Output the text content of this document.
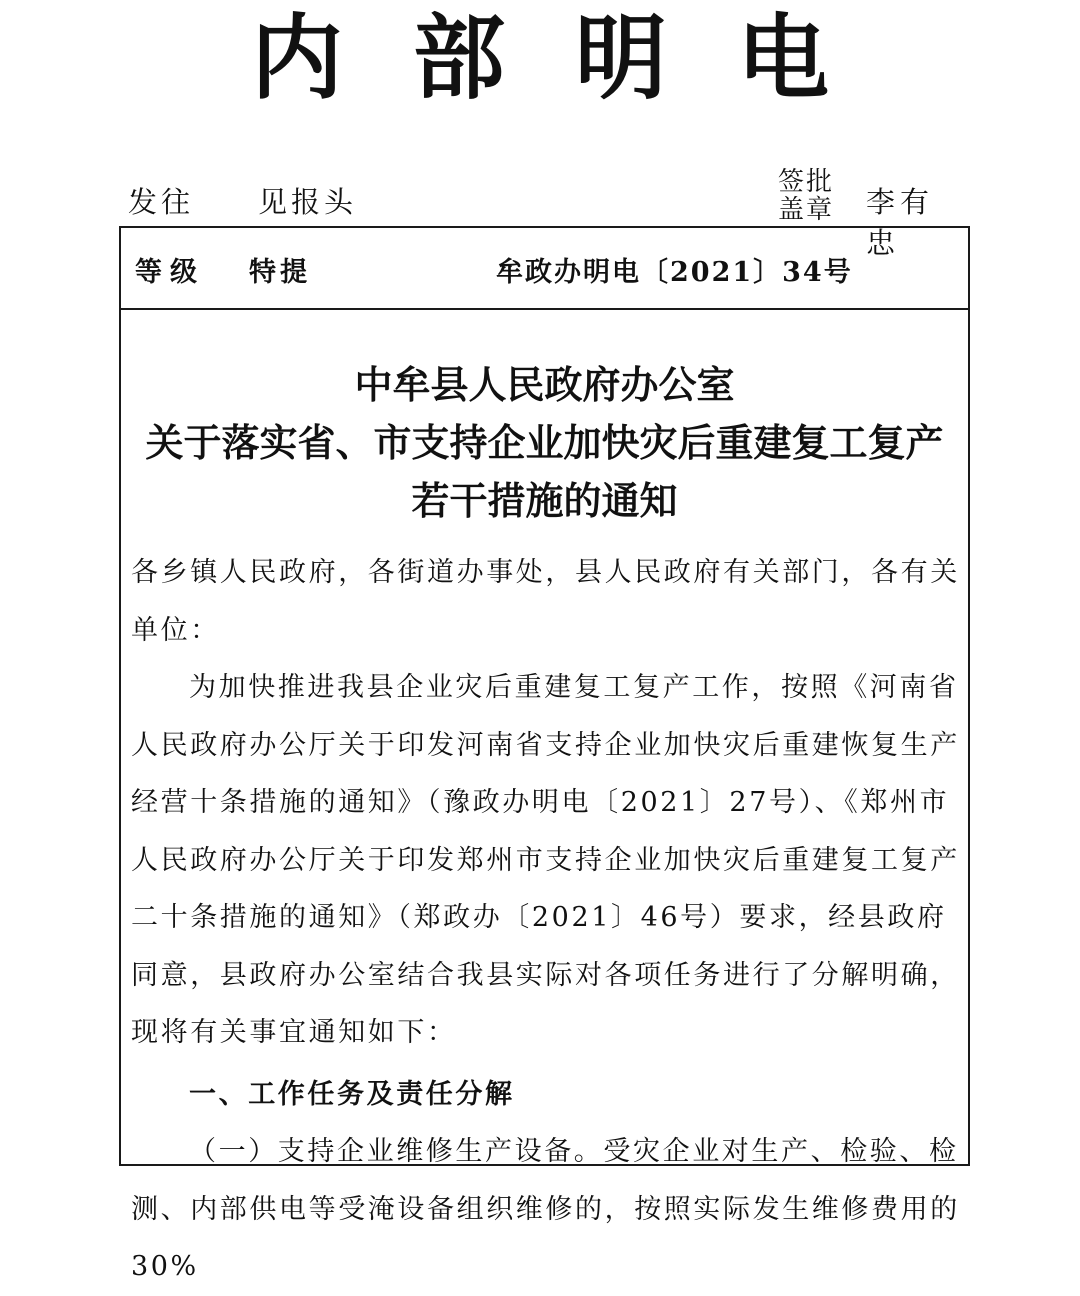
内部明电
发往 见报头
签批
盖章 李有忠
等级 特提	牟政办明电〔2021〕34号
中牟县人民政府办公室
关于落实省、市支持企业加快灾后重建复工复产
若干措施的通知

各乡镇人民政府，各街道办事处，县人民政府有关部门，各有关单位：

为加快推进我县企业灾后重建复工复产工作，按照《河南省人民政府办公厅关于印发河南省支持企业加快灾后重建恢复生产经营十条措施的通知》（豫政办明电〔2021〕27号）、《郑州市人民政府办公厅关于印发郑州市支持企业加快灾后重建复工复产二十条措施的通知》（郑政办〔2021〕46号）要求，经县政府同意，县政府办公室结合我县实际对各项任务进行了分解明确，现将有关事宜通知如下：

一、工作任务及责任分解

（一）支持企业维修生产设备。受灾企业对生产、检验、检测、内部供电等受淹设备组织维修的，按照实际发生维修费用的30%
